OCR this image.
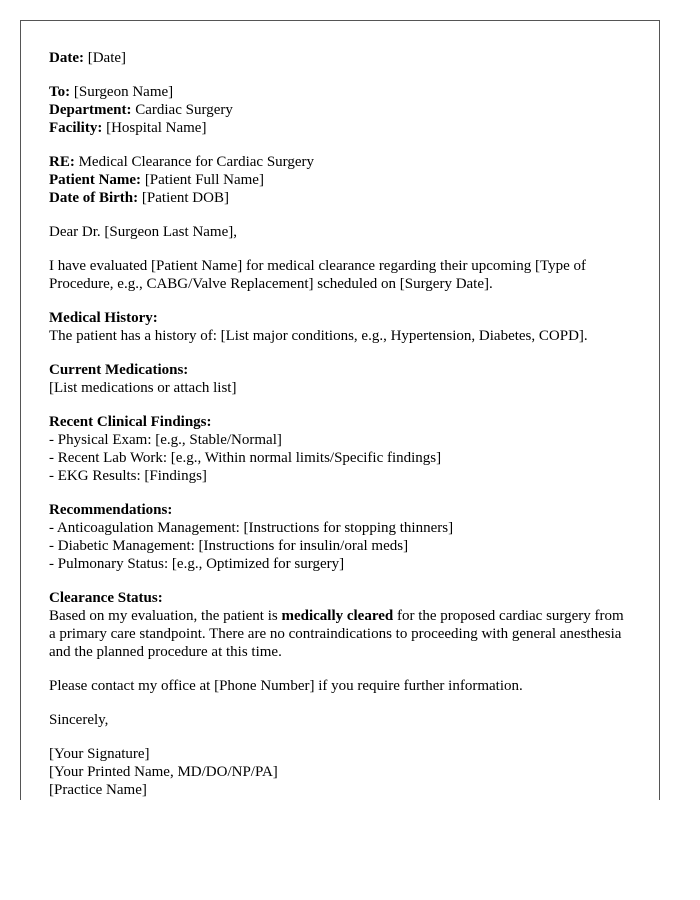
Date: [Date]
To: [Surgeon Name]
Department: Cardiac Surgery
Facility: [Hospital Name]
RE: Medical Clearance for Cardiac Surgery
Patient Name: [Patient Full Name]
Date of Birth: [Patient DOB]
Dear Dr. [Surgeon Last Name],
I have evaluated [Patient Name] for medical clearance regarding their upcoming [Type of Procedure, e.g., CABG/Valve Replacement] scheduled on [Surgery Date].
Medical History:
The patient has a history of: [List major conditions, e.g., Hypertension, Diabetes, COPD].
Current Medications:
[List medications or attach list]
Recent Clinical Findings:
- Physical Exam: [e.g., Stable/Normal]
- Recent Lab Work: [e.g., Within normal limits/Specific findings]
- EKG Results: [Findings]
Recommendations:
- Anticoagulation Management: [Instructions for stopping thinners]
- Diabetic Management: [Instructions for insulin/oral meds]
- Pulmonary Status: [e.g., Optimized for surgery]
Clearance Status:
Based on my evaluation, the patient is medically cleared for the proposed cardiac surgery from a primary care standpoint. There are no contraindications to proceeding with general anesthesia and the planned procedure at this time.
Please contact my office at [Phone Number] if you require further information.
Sincerely,
[Your Signature]
[Your Printed Name, MD/DO/NP/PA]
[Practice Name]
